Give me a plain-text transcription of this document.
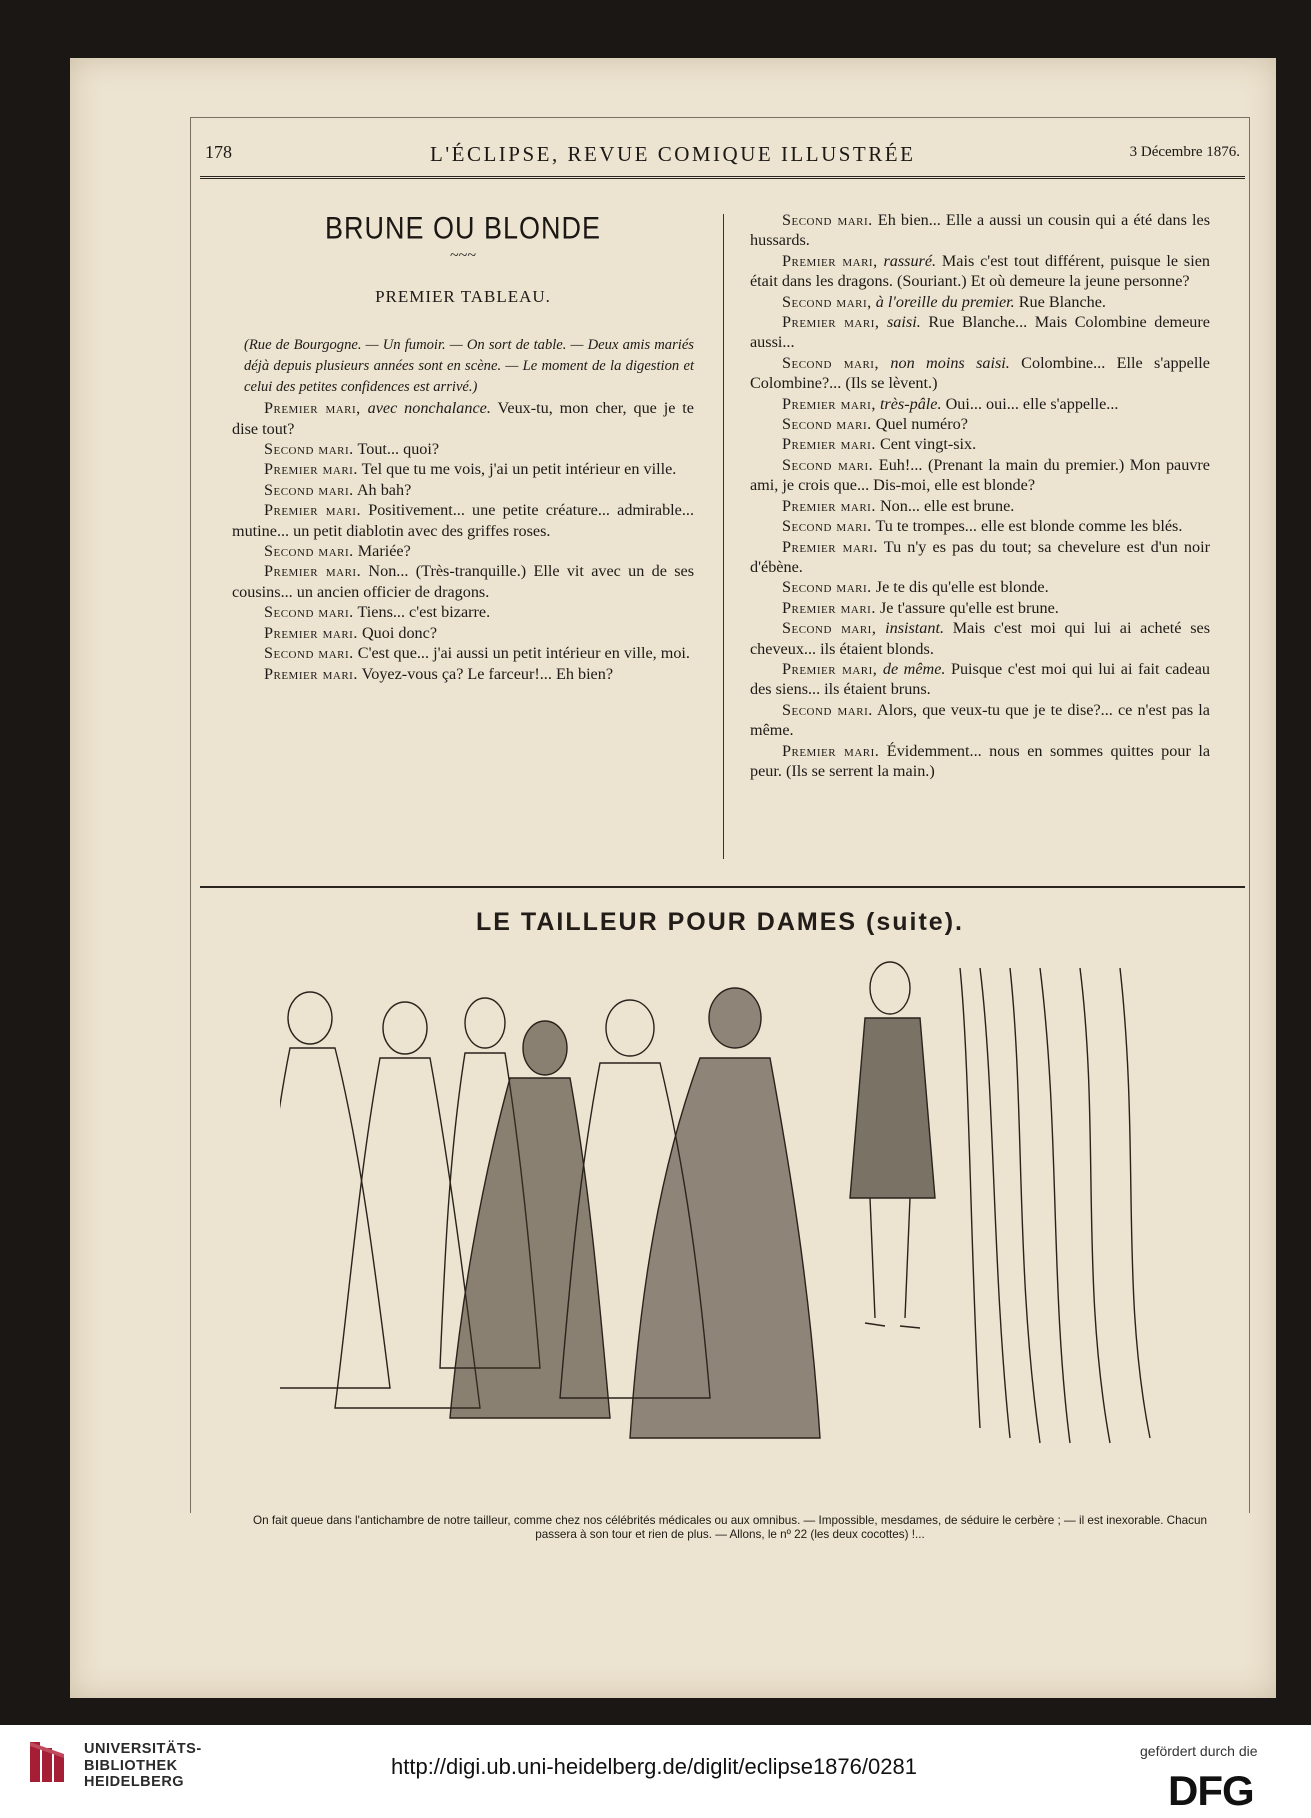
178	L'ÉCLIPSE, REVUE COMIQUE ILLUSTRÉE	3 Décembre 1876.
BRUNE OU BLONDE
~~~
PREMIER TABLEAU.

(Rue de Bourgogne. — Un fumoir. — On sort de table. — Deux amis mariés déjà depuis plusieurs années sont en scène. — Le moment de la digestion et celui des petites confidences est arrivé.)

Premier mari, avec nonchalance. Veux-tu, mon cher, que je te dise tout?

Second mari. Tout... quoi?

Premier mari. Tel que tu me vois, j'ai un petit intérieur en ville.

Second mari. Ah bah?

Premier mari. Positivement... une petite créature... admirable... mutine... un petit diablotin avec des griffes roses.

Second mari. Mariée?

Premier mari. Non... (Très-tranquille.) Elle vit avec un de ses cousins... un ancien officier de dragons.

Second mari. Tiens... c'est bizarre.

Premier mari. Quoi donc?

Second mari. C'est que... j'ai aussi un petit intérieur en ville, moi.

Premier mari. Voyez-vous ça? Le farceur!... Eh bien?

Second mari. Eh bien... Elle a aussi un cousin qui a été dans les hussards.

Premier mari, rassuré. Mais c'est tout différent, puisque le sien était dans les dragons. (Souriant.) Et où demeure la jeune personne?

Second mari, à l'oreille du premier. Rue Blanche.

Premier mari, saisi. Rue Blanche... Mais Colombine demeure aussi...

Second mari, non moins saisi. Colombine... Elle s'appelle Colombine?... (Ils se lèvent.)

Premier mari, très-pâle. Oui... oui... elle s'appelle...

Second mari. Quel numéro?

Premier mari. Cent vingt-six.

Second mari. Euh!... (Prenant la main du premier.) Mon pauvre ami, je crois que... Dis-moi, elle est blonde?

Premier mari. Non... elle est brune.

Second mari. Tu te trompes... elle est blonde comme les blés.

Premier mari. Tu n'y es pas du tout; sa chevelure est d'un noir d'ébène.

Second mari. Je te dis qu'elle est blonde.

Premier mari. Je t'assure qu'elle est brune.

Second mari, insistant. Mais c'est moi qui lui ai acheté ses cheveux... ils étaient blonds.

Premier mari, de même. Puisque c'est moi qui lui ai fait cadeau des siens... ils étaient bruns.

Second mari. Alors, que veux-tu que je te dise?... ce n'est pas la même.

Premier mari. Évidemment... nous en sommes quittes pour la peur. (Ils se serrent la main.)

LE TAILLEUR POUR DAMES (suite).
On fait queue dans l'antichambre de notre tailleur, comme chez nos célébrités médicales ou aux omnibus. — Impossible, mesdames, de séduire le cerbère ; — il est inexorable. Chacun passera à son tour et rien de plus. — Allons, le nº 22 (les deux cocottes) !...
UNIVERSITÄTS-
BIBLIOTHEK
HEIDELBERG
http://digi.ub.uni-heidelberg.de/diglit/eclipse1876/0281
gefördert durch die
DFG
